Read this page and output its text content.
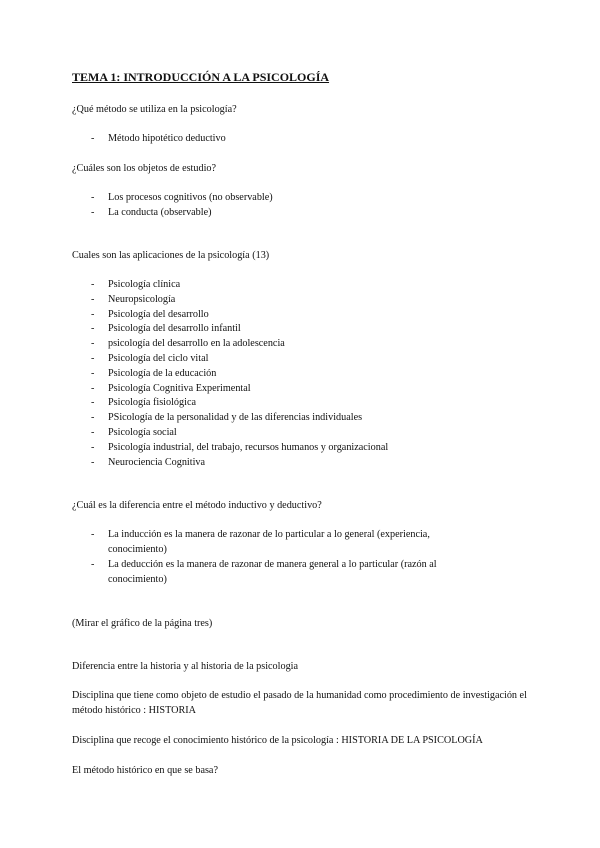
TEMA 1: INTRODUCCIÓN A LA PSICOLOGÍA
¿Qué método se utiliza en la psicología?
- Método hipotético deductivo
¿Cuáles son los objetos de estudio?
- Los procesos cognitivos (no observable)
- La conducta (observable)
Cuales son las aplicaciones de la psicología (13)
- Psicología clínica
- Neuropsicología
- Psicología del desarrollo
- Psicología del desarrollo infantil
- psicología del desarrollo en la adolescencia
- Psicología del ciclo vital
- Psicología de la educación
- Psicología Cognitiva Experimental
- Psicología fisiológica
- PSicología de la personalidad y de las diferencias individuales
- Psicología social
- Psicología industrial, del trabajo, recursos humanos y organizacional
- Neurociencia Cognitiva
¿Cuál es la diferencia entre el método inductivo y deductivo?
- La inducción es la manera de razonar de lo particular a lo general (experiencia, conocimiento)
- La deducción es la manera de razonar de manera general a lo particular (razón al conocimiento)
(Mirar el gráfico de la página tres)
Diferencia entre la historia y al historia de la psicologia
Disciplina que tiene como objeto de estudio el pasado de la humanidad como procedimiento de investigación el método histórico : HISTORIA
Disciplina que recoge el conocimiento histórico de la psicología : HISTORIA DE LA PSICOLOGÍA
El método histórico en que se basa?
